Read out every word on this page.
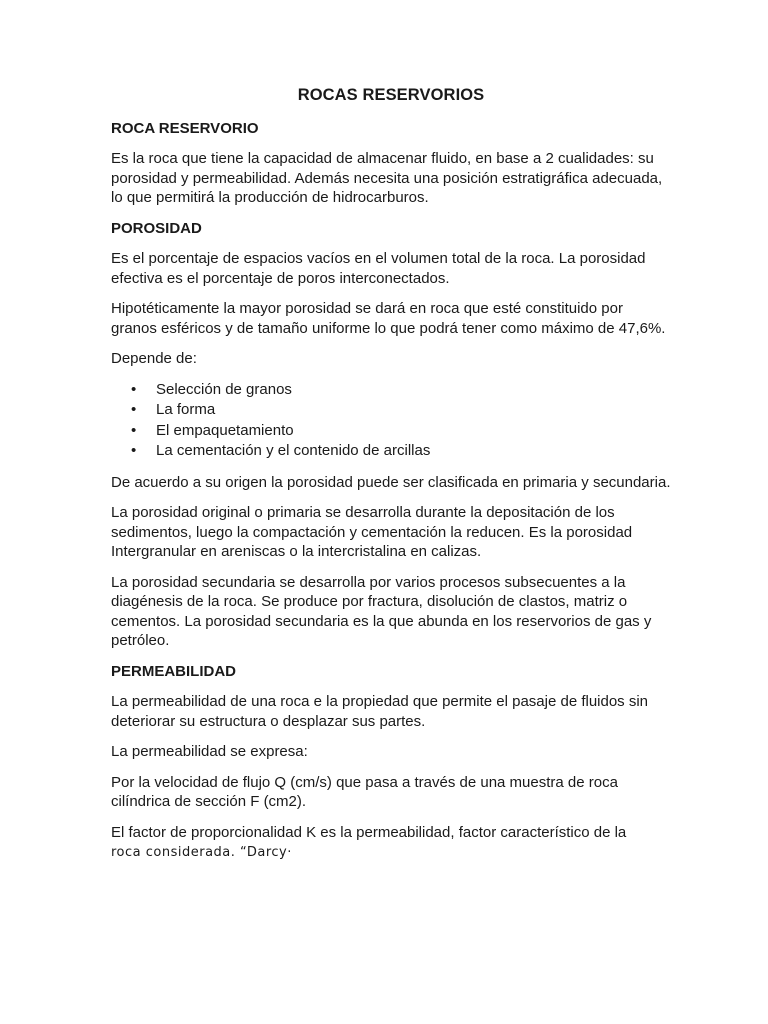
ROCAS RESERVORIOS
ROCA RESERVORIO

Es la roca que tiene la capacidad de almacenar fluido, en base a 2 cualidades: su porosidad y permeabilidad. Además necesita una posición estratigráfica adecuada, lo que permitirá la producción de hidrocarburos.

POROSIDAD

Es el porcentaje de espacios vacíos en el volumen total de la roca. La porosidad efectiva es el porcentaje de poros interconectados.

Hipotéticamente la mayor porosidad se dará en roca que esté constituido por granos esféricos y de tamaño uniforme lo que podrá tener como máximo de 47,6%.

Depende de:

• Selección de granos
• La forma
• El empaquetamiento
• La cementación y el contenido de arcillas

De acuerdo a su origen la porosidad puede ser clasificada en primaria y secundaria.

La porosidad original o primaria se desarrolla durante la depositación de los sedimentos, luego la compactación y cementación la reducen. Es la porosidad Intergranular en areniscas o la intercristalina en calizas.

La porosidad secundaria se desarrolla por varios procesos subsecuentes a la diagénesis de la roca. Se produce por fractura, disolución de clastos, matriz o cementos. La porosidad secundaria es la que abunda en los reservorios de gas y petróleo.

PERMEABILIDAD

La permeabilidad de una roca e la propiedad que permite el pasaje de fluidos sin deteriorar su estructura o desplazar sus partes.

La permeabilidad se expresa:

Por la velocidad de flujo Q (cm/s) que pasa a través de una muestra de roca cilíndrica de sección F (cm2).

El factor de proporcionalidad K es la permeabilidad, factor característico de la
roca considerada. “Darcy·
